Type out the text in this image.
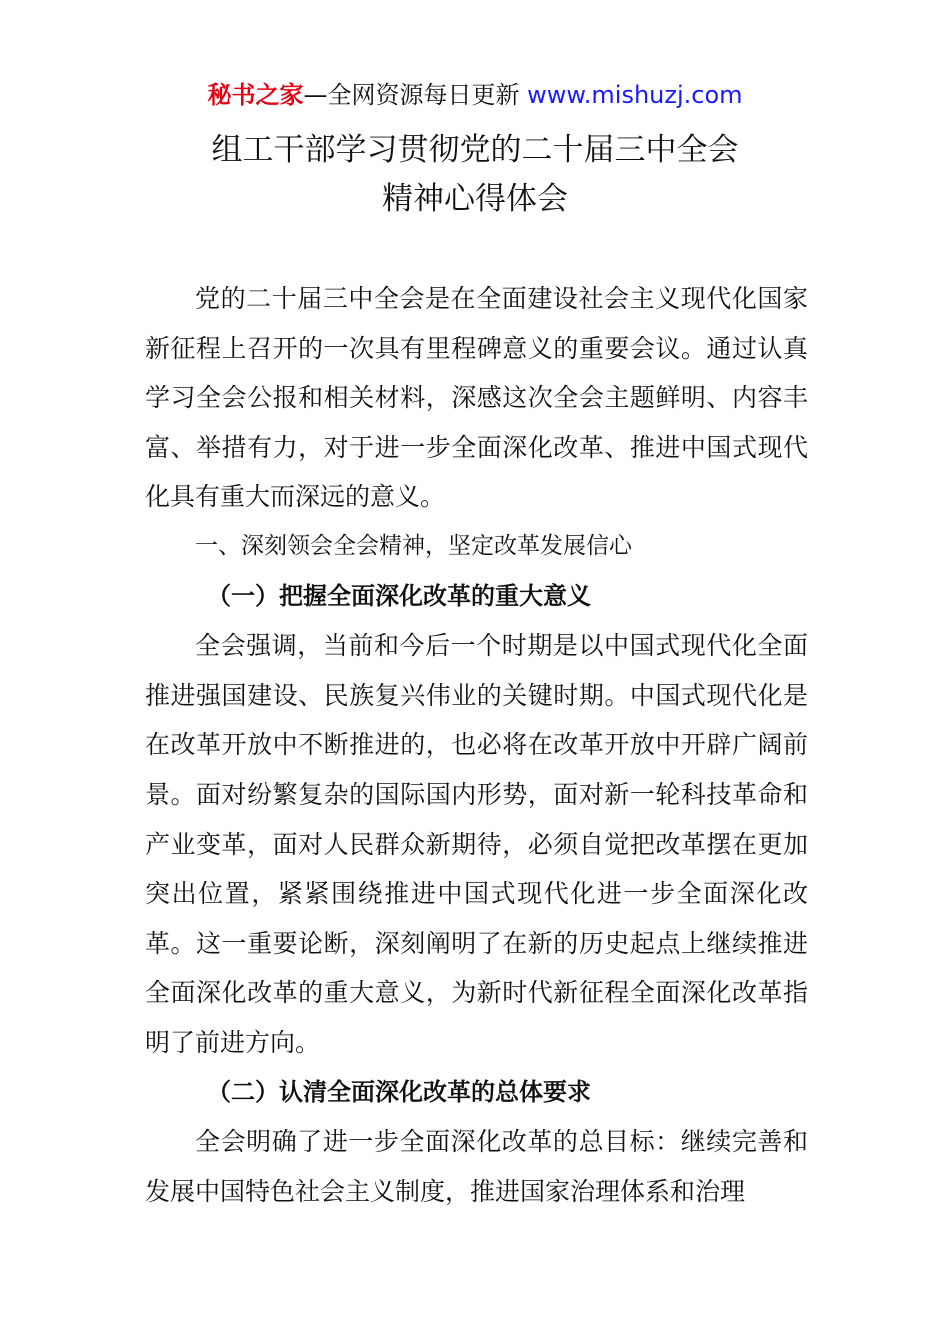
秘书之家—全网资源每日更新 www.mishuzj.com
组工干部学习贯彻党的二十届三中全会
精神心得体会

党的二十届三中全会是在全面建设社会主义现代化国家新征程上召开的一次具有里程碑意义的重要会议。通过认真学习全会公报和相关材料，深感这次全会主题鲜明、内容丰富、举措有力，对于进一步全面深化改革、推进中国式现代化具有重大而深远的意义。

一、深刻领会全会精神，坚定改革发展信心

（一）把握全面深化改革的重大意义

全会强调，当前和今后一个时期是以中国式现代化全面推进强国建设、民族复兴伟业的关键时期。中国式现代化是在改革开放中不断推进的，也必将在改革开放中开辟广阔前景。面对纷繁复杂的国际国内形势，面对新一轮科技革命和产业变革，面对人民群众新期待，必须自觉把改革摆在更加突出位置，紧紧围绕推进中国式现代化进一步全面深化改革。这一重要论断，深刻阐明了在新的历史起点上继续推进全面深化改革的重大意义，为新时代新征程全面深化改革指明了前进方向。

（二）认清全面深化改革的总体要求

全会明确了进一步全面深化改革的总目标：继续完善和发展中国特色社会主义制度，推进国家治理体系和治理
